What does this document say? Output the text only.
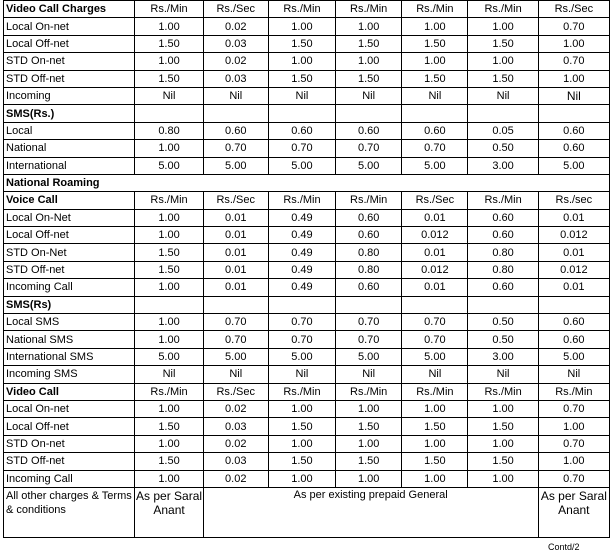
Video Call Charges	Rs./Min	Rs./Sec	Rs./Min	Rs./Min	Rs./Min	Rs./Min	Rs./Sec
Local On-net	1.00	0.02	1.00	1.00	1.00	1.00	0.70
Local Off-net	1.50	0.03	1.50	1.50	1.50	1.50	1.00
STD On-net	1.00	0.02	1.00	1.00	1.00	1.00	0.70
STD Off-net	1.50	0.03	1.50	1.50	1.50	1.50	1.00
Incoming	Nil	Nil	Nil	Nil	Nil	Nil	Nil
SMS(Rs.)							
Local	0.80	0.60	0.60	0.60	0.60	0.05	0.60
National	1.00	0.70	0.70	0.70	0.70	0.50	0.60
International	5.00	5.00	5.00	5.00	5.00	3.00	5.00
National Roaming							
Voice Call	Rs./Min	Rs./Sec	Rs./Min	Rs./Min	Rs./Sec	Rs./Min	Rs./sec
Local On-Net	1.00	0.01	0.49	0.60	0.01	0.60	0.01
Local Off-net	1.00	0.01	0.49	0.60	0.012	0.60	0.012
STD On-Net	1.50	0.01	0.49	0.80	0.01	0.80	0.01
STD Off-net	1.50	0.01	0.49	0.80	0.012	0.80	0.012
Incoming Call	1.00	0.01	0.49	0.60	0.01	0.60	0.01
SMS(Rs)							
Local SMS	1.00	0.70	0.70	0.70	0.70	0.50	0.60
National SMS	1.00	0.70	0.70	0.70	0.70	0.50	0.60
International SMS	5.00	5.00	5.00	5.00	5.00	3.00	5.00
Incoming SMS	Nil	Nil	Nil	Nil	Nil	Nil	Nil
Video Call	Rs./Min	Rs./Sec	Rs./Min	Rs./Min	Rs./Min	Rs./Min	Rs./Min
Local On-net	1.00	0.02	1.00	1.00	1.00	1.00	0.70
Local Off-net	1.50	0.03	1.50	1.50	1.50	1.50	1.00
STD On-net	1.00	0.02	1.00	1.00	1.00	1.00	0.70
STD Off-net	1.50	0.03	1.50	1.50	1.50	1.50	1.00
Incoming Call	1.00	0.02	1.00	1.00	1.00	1.00	0.70
All other charges & Terms & conditions	As per Saral Anant	As per existing prepaid General					As per Saral Anant
Contd/2
